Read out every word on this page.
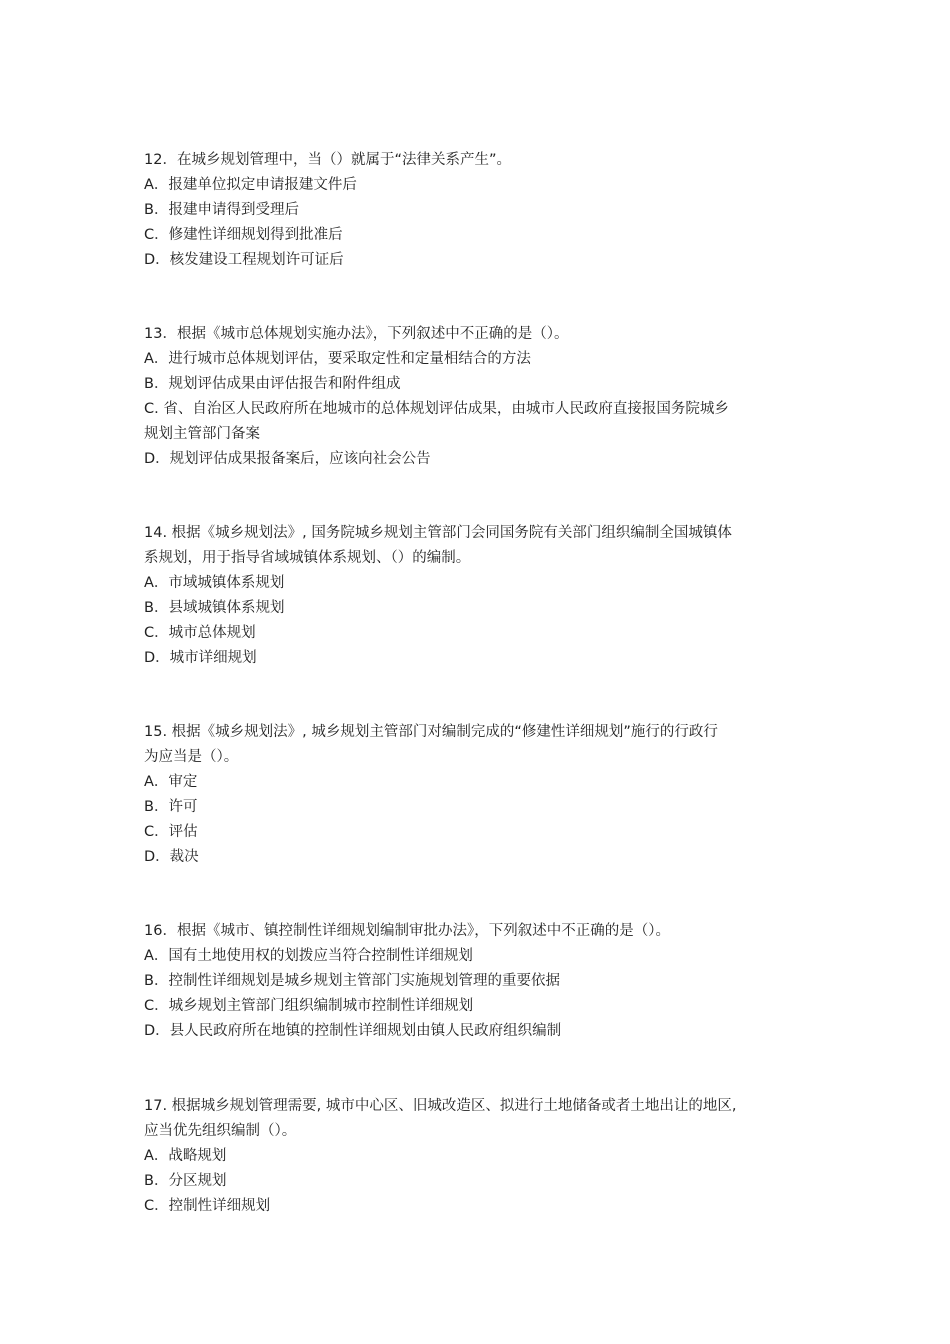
12．在城乡规划管理中，当（）就属于“法律关系产生”。
A．报建单位拟定申请报建文件后
B．报建申请得到受理后
C．修建性详细规划得到批准后
D．核发建设工程规划许可证后
13．根据《城市总体规划实施办法》，下列叙述中不正确的是（）。
A．进行城市总体规划评估，要采取定性和定量相结合的方法
B．规划评估成果由评估报告和附件组成
C. 省、自治区人民政府所在地城市的总体规划评估成果，由城市人民政府直接报国务院城乡
规划主管部门备案
D．规划评估成果报备案后，应该向社会公告
14. 根据《城乡规划法》, 国务院城乡规划主管部门会同国务院有关部门组织编制全国城镇体
系规划，用于指导省域城镇体系规划、（）的编制。
A．市域城镇体系规划
B．县域城镇体系规划
C．城市总体规划
D．城市详细规划
15. 根据《城乡规划法》, 城乡规划主管部门对编制完成的“修建性详细规划”施行的行政行
为应当是（）。
A．审定
B．许可
C．评估
D．裁决
16．根据《城市、镇控制性详细规划编制审批办法》，下列叙述中不正确的是（）。
A．国有土地使用权的划拨应当符合控制性详细规划
B．控制性详细规划是城乡规划主管部门实施规划管理的重要依据
C．城乡规划主管部门组织编制城市控制性详细规划
D．县人民政府所在地镇的控制性详细规划由镇人民政府组织编制
17. 根据城乡规划管理需要, 城市中心区、旧城改造区、拟进行土地储备或者土地出让的地区,
应当优先组织编制（）。
A．战略规划
B．分区规划
C．控制性详细规划
